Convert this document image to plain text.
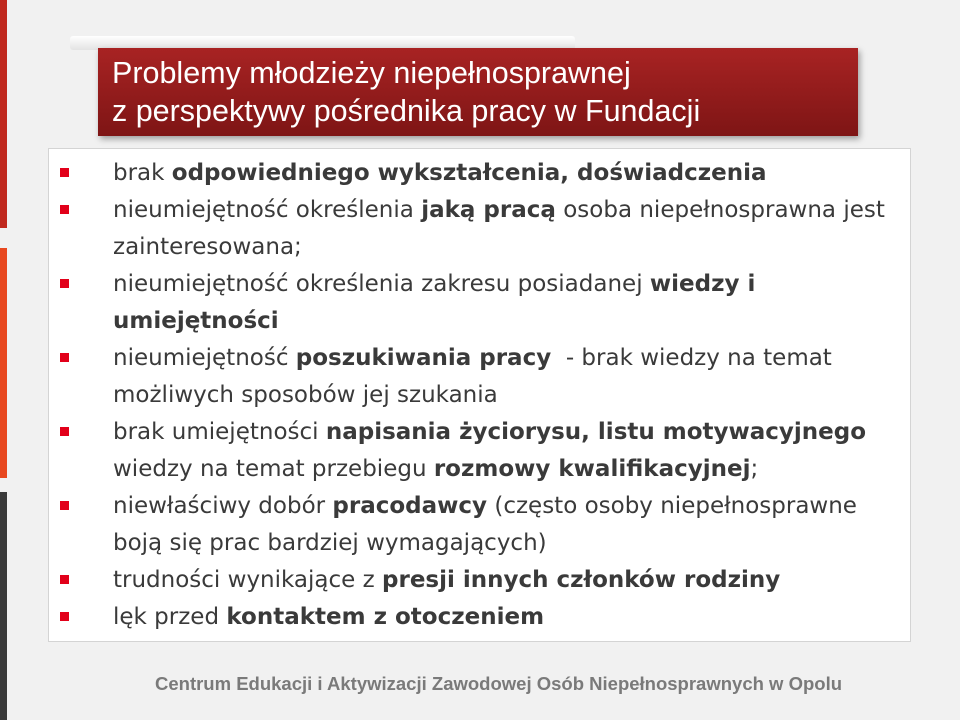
Problemy młodzieży niepełnosprawnej
z perspektywy pośrednika pracy w Fundacji
brak odpowiedniego wykształcenia, doświadczenia
nieumiejętność określenia jaką pracą osoba niepełnosprawna jest zainteresowana;
nieumiejętność określenia zakresu posiadanej wiedzy i umiejętności
nieumiejętność poszukiwania pracy  - brak wiedzy na temat możliwych sposobów jej szukania
brak umiejętności napisania życiorysu, listu motywacyjnego wiedzy na temat przebiegu rozmowy kwalifikacyjnej;
niewłaściwy dobór pracodawcy (często osoby niepełnosprawne boją się prac bardziej wymagających)
trudności wynikające z presji innych członków rodziny
lęk przed kontaktem z otoczeniem
Centrum Edukacji i Aktywizacji Zawodowej Osób Niepełnosprawnych w Opolu
